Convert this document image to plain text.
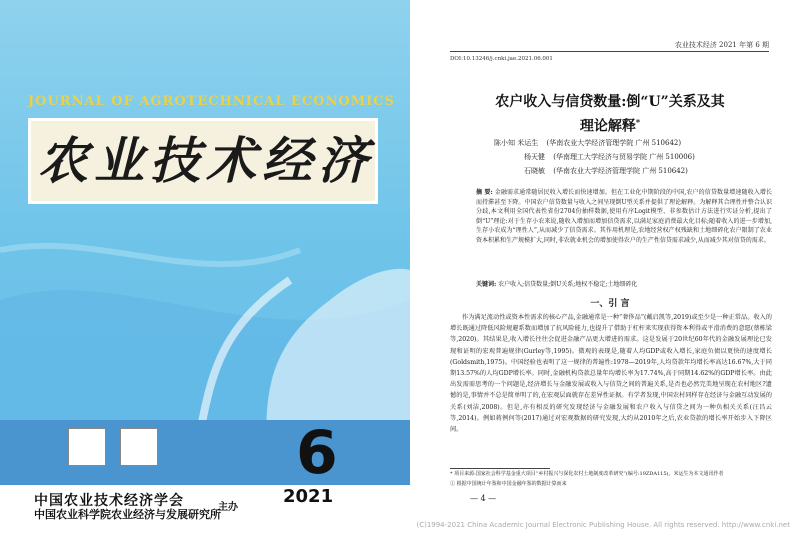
JOURNAL OF AGROTECHNICAL ECONOMICS
农业技术经济
6
2021
中国农业技术经济学会
中国农业科学院农业经济与发展研究所
主办
农业技术经济 2021 年第 6 期
DOI:10.13246/j.cnki.jae.2021.06.001
农户收入与信贷数量:倒“U”关系及其
理论解释*
陈小知 米运生 (华南农业大学经济管理学院 广州 510642)
杨天健 (华南理工大学经济与贸易学院 广州 510006)
石晓敏 (华南农业大学经济管理学院 广州 510642)
摘 要: 金融需求通常随居民收入增长而快速增加。但在工业化中期阶段的中国,农户的信贷数量增速随收入增长而持滞甚至下降。中国农户信贷数量与收入之间呈现倒U型关系并提供了理论解释。为解释其合理性并整合认识分歧,本文利用全国代表性省份2704份抽样数据,使用有序Logit模型、非参数估计方法进行实证分析,提出了倒“U”理论:对于生存小农来说,随收入增加而增加信贷需求,以满足家庭消费最大化目标;随着收入的进一步增加,生存小农成为“理性人”,从而减少了信贷需求。其作用机理是,农地经营权产权残缺和土地细碎化农户限制了农业资本积累和生产规模扩大,同时,非农就业机会的增加使得农户的生产性信贷需求减少,从而减少其对信贷的需求。
关键词: 农户收入;信贷数量;倒U关系;地权不稳定;土地细碎化
一、引 言
作为满足流动性或资本性需求的核心产品,金融通常是一种“奢侈品”(戴启凯等,2019)或至少是一种正常品。收入的增长既通过降低风险规避系数而增加了抗风险能力,也提升了借助于杠杆来实现获得资本利得或平滑消费的意愿(蔡栋梁等,2020)。其结果是,收入增长往往会促进金融产品更大增进的需求。这是发展于20世纪60年代的金融发展理论已发现和证明的宏观普遍规律(Gurley等,1995)。微观的表现是,随着人均GDP或收入增长,家庭负债以更快的速度增长(Goldsmith,1975)。中国经验也表明了这一规律的普遍性:1978—2019年,人均贷款年均增长率高达16.67%,大于同期13.57%的人均GDP增长率。同时,金融机构贷款总量年均增长率为17.74%,高于同期14.62%的GDP增长率。由此出发需需思考的一个问题是,经济增长与金融发展或收入与信贷之间的普遍关系,是否也必然完美地呈现在农村地区?遗憾的是,事情并不总是简单明了的,在宏观层面就存在差异性证据。有学者发现,中国农村同样存在经济与金融互动发展的关系(刘洁,2008)。但是,亦有相反的研究发现经济与金融发展和农户收入与信贷之间为一种负相关关系(汪昌云等,2014)。例如蒋例何等(2017)通过对宏观数据的研究发现,大约从2010年之后,农业贷款的增长率开始步入下降区间。
* 项目来源:国家社会科学基金重大项目“乡村振兴与深化农村土地制度改革研究”(编号:19ZDA115)。米运生为本文通讯作者
① 根据中国统计年鉴和中国金融年鉴的数据计算而来
— 4 —
(C)1994-2021 China Academic Journal Electronic Publishing House. All rights reserved. http://www.cnki.net
